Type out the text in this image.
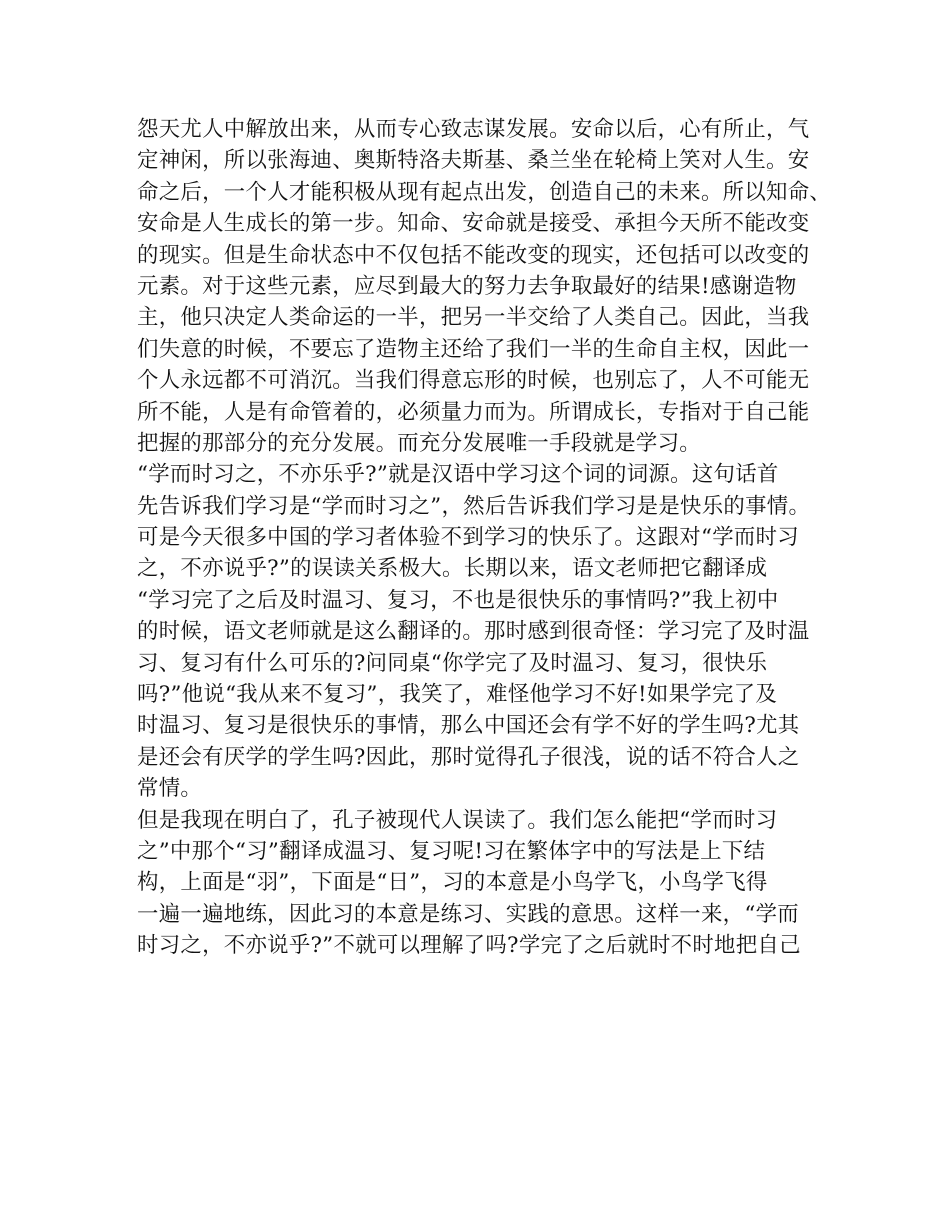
怨天尤人中解放出来，从而专心致志谋发展。安命以后，心有所止，气
定神闲，所以张海迪、奥斯特洛夫斯基、桑兰坐在轮椅上笑对人生。安
命之后，一个人才能积极从现有起点出发，创造自己的未来。所以知命、
安命是人生成长的第一步。知命、安命就是接受、承担今天所不能改变
的现实。但是生命状态中不仅包括不能改变的现实，还包括可以改变的
元素。对于这些元素，应尽到最大的努力去争取最好的结果!感谢造物
主，他只决定人类命运的一半，把另一半交给了人类自己。因此，当我
们失意的时候，不要忘了造物主还给了我们一半的生命自主权，因此一
个人永远都不可消沉。当我们得意忘形的时候，也别忘了，人不可能无
所不能，人是有命管着的，必须量力而为。所谓成长，专指对于自己能
把握的那部分的充分发展。而充分发展唯一手段就是学习。
“学而时习之，不亦乐乎?”就是汉语中学习这个词的词源。这句话首
先告诉我们学习是“学而时习之”，然后告诉我们学习是是快乐的事情。
可是今天很多中国的学习者体验不到学习的快乐了。这跟对“学而时习
之，不亦说乎?”的误读关系极大。长期以来，语文老师把它翻译成
“学习完了之后及时温习、复习，不也是很快乐的事情吗?”我上初中
的时候，语文老师就是这么翻译的。那时感到很奇怪：学习完了及时温
习、复习有什么可乐的?问同桌“你学完了及时温习、复习，很快乐
吗?”他说“我从来不复习”，我笑了，难怪他学习不好!如果学完了及
时温习、复习是很快乐的事情，那么中国还会有学不好的学生吗?尤其
是还会有厌学的学生吗?因此，那时觉得孔子很浅，说的话不符合人之
常情。
但是我现在明白了，孔子被现代人误读了。我们怎么能把“学而时习
之”中那个“习”翻译成温习、复习呢!习在繁体字中的写法是上下结
构，上面是“羽”，下面是“日”，习的本意是小鸟学飞，小鸟学飞得
一遍一遍地练，因此习的本意是练习、实践的意思。这样一来，“学而
时习之，不亦说乎?”不就可以理解了吗?学完了之后就时不时地把自己
